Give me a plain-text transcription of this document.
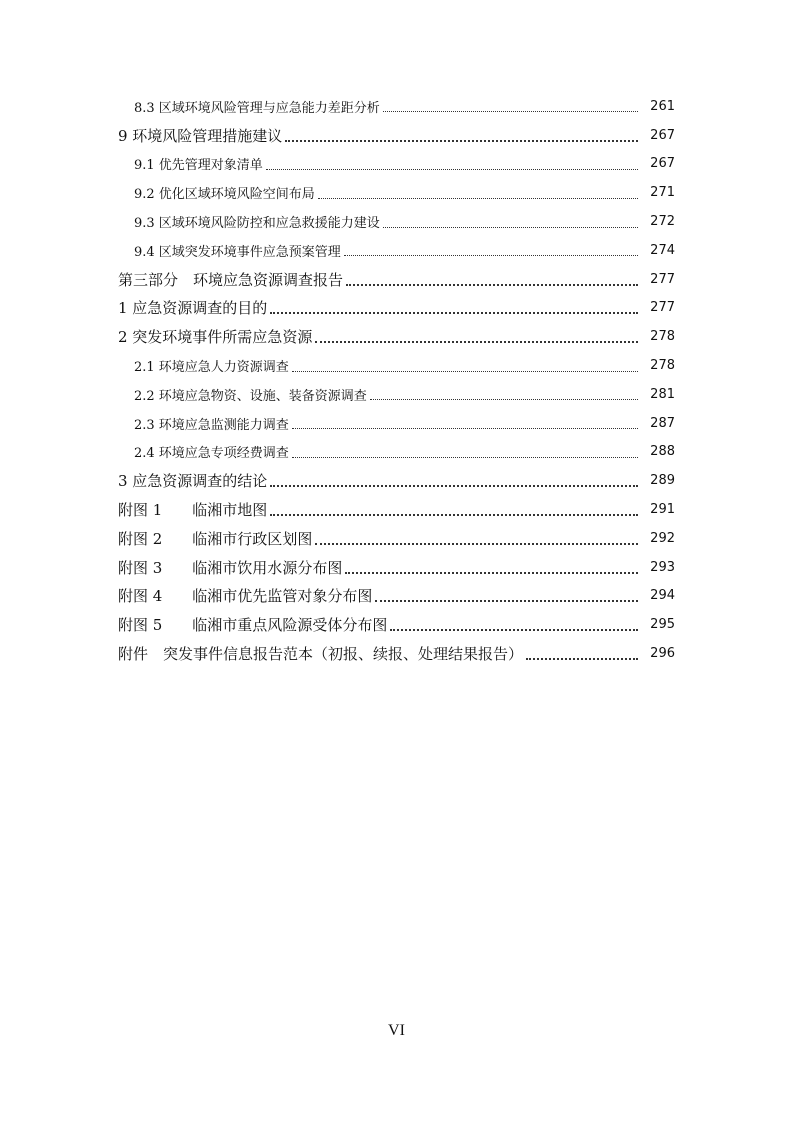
8.3 区域环境风险管理与应急能力差距分析	261
9 环境风险管理措施建议	267
9.1 优先管理对象清单	267
9.2 优化区域环境风险空间布局	271
9.3 区域环境风险防控和应急救援能力建设	272
9.4 区域突发环境事件应急预案管理	274
第三部分　环境应急资源调查报告	277
1 应急资源调查的目的	277
2 突发环境事件所需应急资源	278
2.1 环境应急人力资源调查	278
2.2 环境应急物资、设施、装备资源调查	281
2.3 环境应急监测能力调查	287
2.4 环境应急专项经费调查	288
3 应急资源调查的结论	289
附图 1　　临湘市地图	291
附图 2　　临湘市行政区划图	292
附图 3　　临湘市饮用水源分布图	293
附图 4　　临湘市优先监管对象分布图	294
附图 5　　临湘市重点风险源受体分布图	295
附件　突发事件信息报告范本（初报、续报、处理结果报告）	296
VI
